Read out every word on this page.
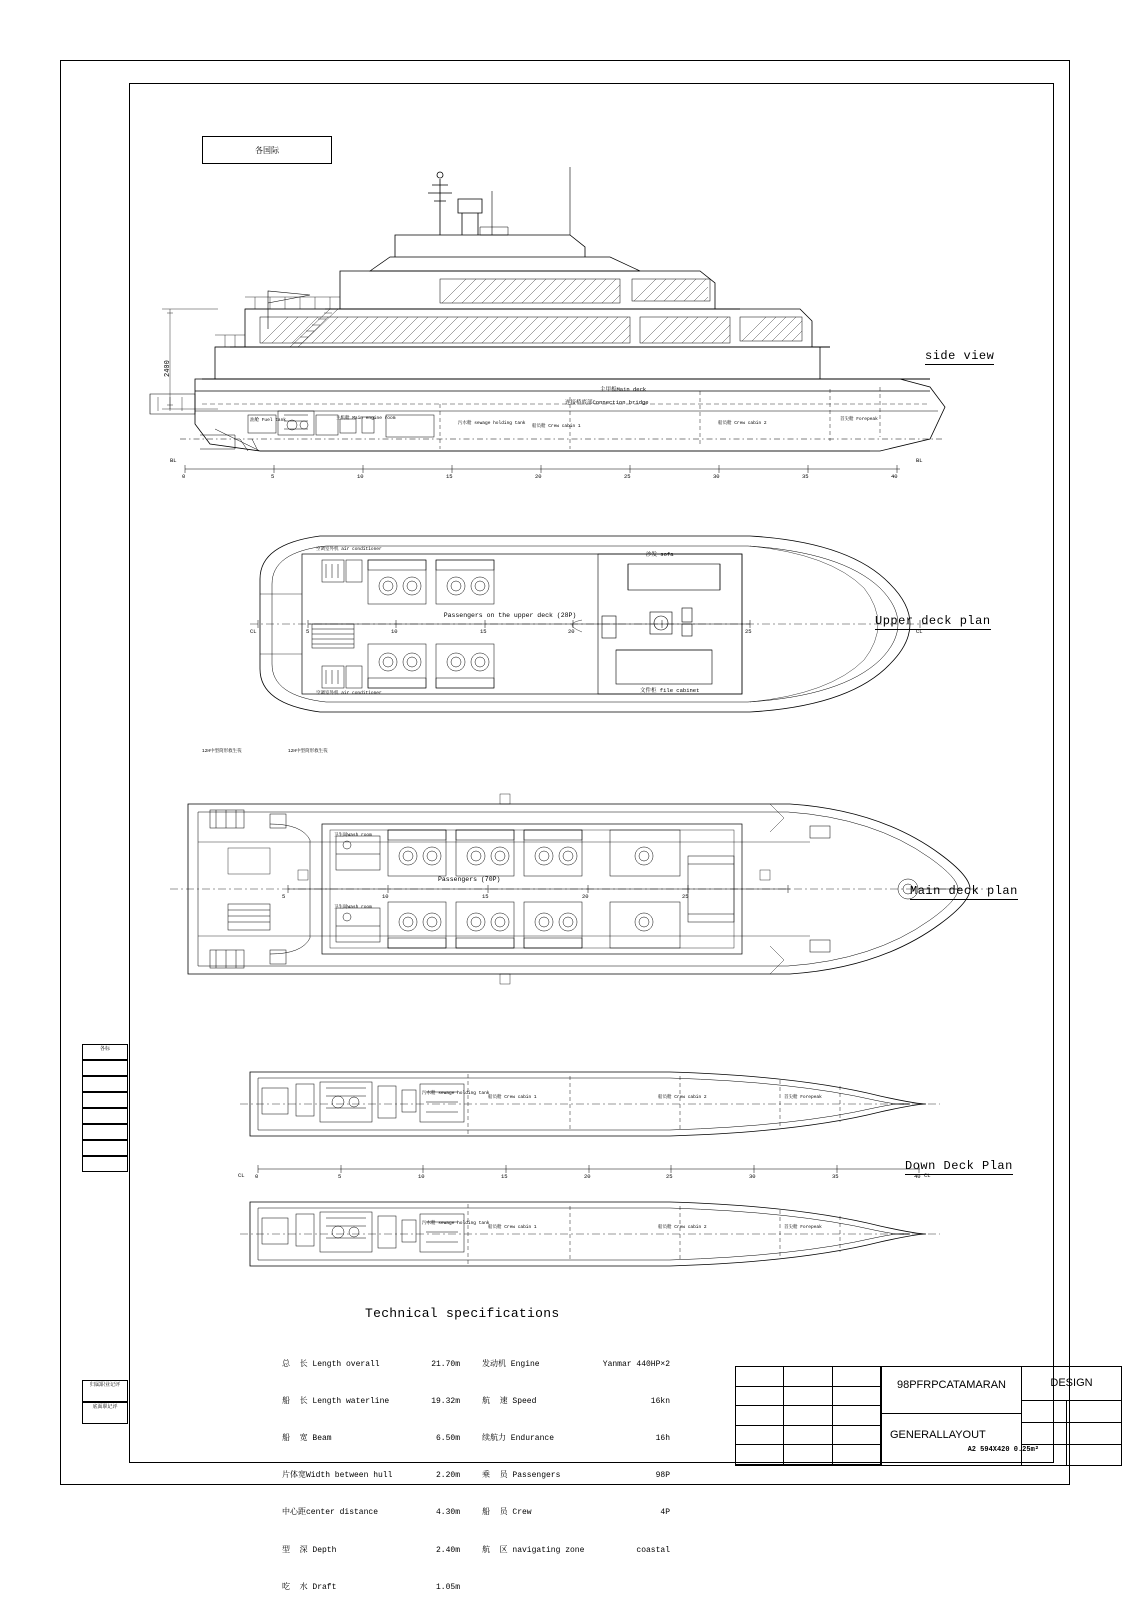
各标
归属职业记评
底面职记评
各国际
主甲板Main deck
连接桥底部Connection bridge
油舱 Fuel tank	主机舱 Main engine room
污水舱 sewage holding tank
船员舱 Crew cabin 1
船员舱 Crew cabin 2
首尖舱 Forepeak
BL	BL
0	5	10	15	20	25	30	35	40
2400
side view
空调室外机 air conditioner
空调室外机 air conditioner
沙发 sofa
文件柜 file cabinet
Passengers on the upper deck (28P)
CL	CL
5	10	15	20	25
Upper deck plan
12H中型筒形救生筏	12H中型筒形救生筏
卫生间Wash room
卫生间Wash room
Passengers (70P)
5	10	15	20	25	Main deck plan
污水舱 sewage holding tank
船员舱 Crew cabin 1	船员舱 Crew cabin 2	首尖舱 Forepeak
污水舱 sewage holding tank
船员舱 Crew cabin 1	船员舱 Crew cabin 2	首尖舱 Forepeak
CL	CL
0	5	10	15	20	25	30	35	40
Down Deck Plan
Technical specifications

总  长 Length overall	21.70m

船  长 Length waterline	19.32m

船  宽 Beam	6.50m

片体宽Width between hull	2.20m

中心距center distance	4.30m

型  深 Depth	2.40m

吃  水 Draft	1.05m

发动机 Engine	Yanmar 440HP×2

航  速 Speed	16kn

续航力 Endurance	16h

乘  员 Passengers	98P

船  员 Crew	4P

航  区 navigating zone	coastal

98PFRPCATAMARAN
GENERALLAYOUT
DESIGN
A2 594X420 0.25m²
